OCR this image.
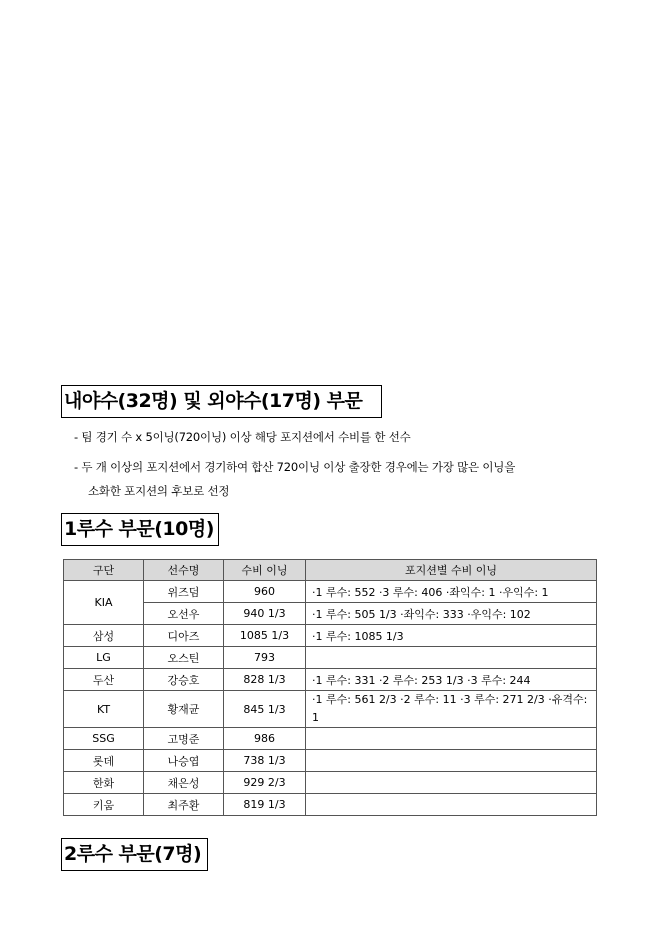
내야수(32명) 및 외야수(17명) 부문
- 팀 경기 수 x 5이닝(720이닝) 이상 해당 포지션에서 수비를 한 선수
- 두 개 이상의 포지션에서 경기하여 합산 720이닝 이상 출장한 경우에는 가장 많은 이닝을
소화한 포지션의 후보로 선정
1루수 부문(10명)
구단	선수명	수비 이닝	포지션별 수비 이닝
KIA	위즈덤	960	·1 루수: 552 ·3 루수: 406 ·좌익수: 1 ·우익수: 1
	오선우	940 1/3	·1 루수: 505 1/3 ·좌익수: 333 ·우익수: 102
삼성	디아즈	1085 1/3	·1 루수: 1085 1/3
LG	오스틴	793	
두산	강승호	828 1/3	·1 루수: 331 ·2 루수: 253 1/3 ·3 루수: 244
KT	황재균	845 1/3	·1 루수: 561 2/3 ·2 루수: 11 ·3 루수: 271 2/3 ·유격수: 1
SSG	고명준	986	
롯데	나승엽	738 1/3	
한화	채은성	929 2/3	
키움	최주환	819 1/3	
2루수 부문(7명)
